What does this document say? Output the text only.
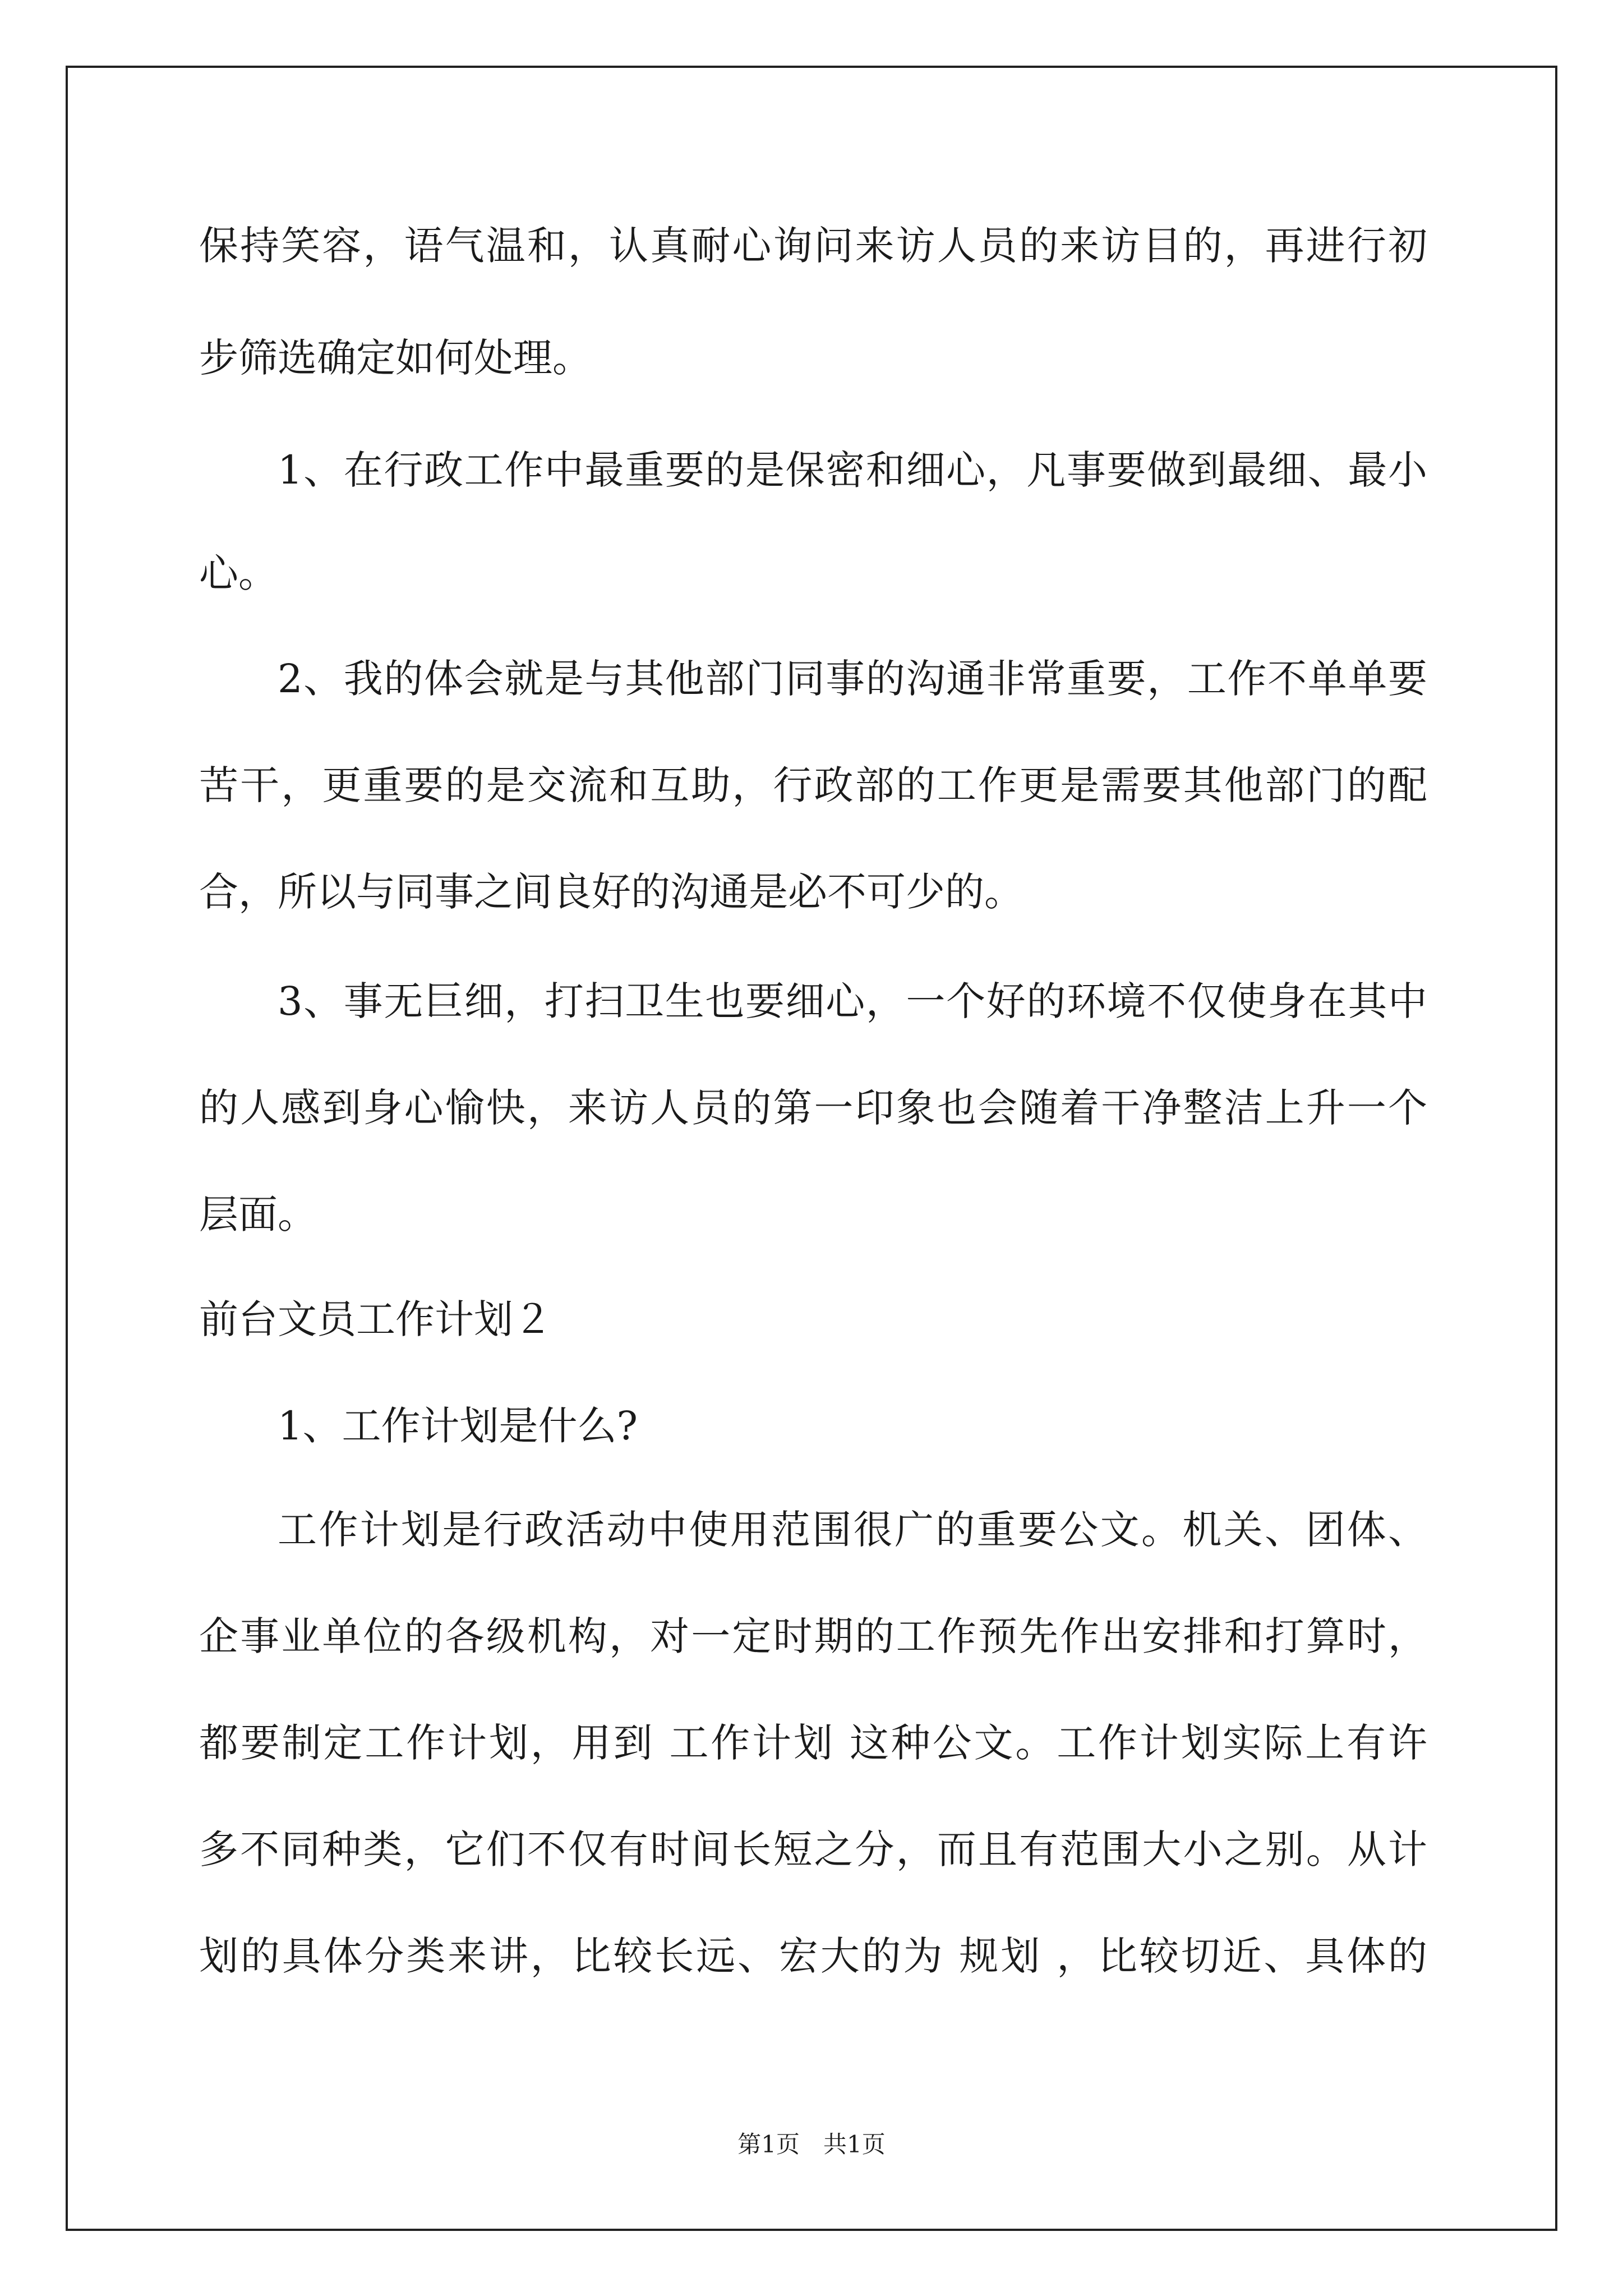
保持笑容，语气温和，认真耐心询问来访人员的来访目的，再进行初
步筛选确定如何处理。
1、在行政工作中最重要的是保密和细心，凡事要做到最细、最小
心。
2、我的体会就是与其他部门同事的沟通非常重要，工作不单单要
苦干，更重要的是交流和互助，行政部的工作更是需要其他部门的配
合，所以与同事之间良好的沟通是必不可少的。
3、事无巨细，打扫卫生也要细心，一个好的环境不仅使身在其中
的人感到身心愉快，来访人员的第一印象也会随着干净整洁上升一个
层面。
前台文员工作计划２
1、工作计划是什么?
工作计划是行政活动中使用范围很广的重要公文。机关、团体、
企事业单位的各级机构，对一定时期的工作预先作出安排和打算时，
都要制定工作计划，用到 工作计划 这种公文。工作计划实际上有许
多不同种类，它们不仅有时间长短之分，而且有范围大小之别。从计
划的具体分类来讲，比较长远、宏大的为 规划 ，比较切近、具体的
第1页　共1页
